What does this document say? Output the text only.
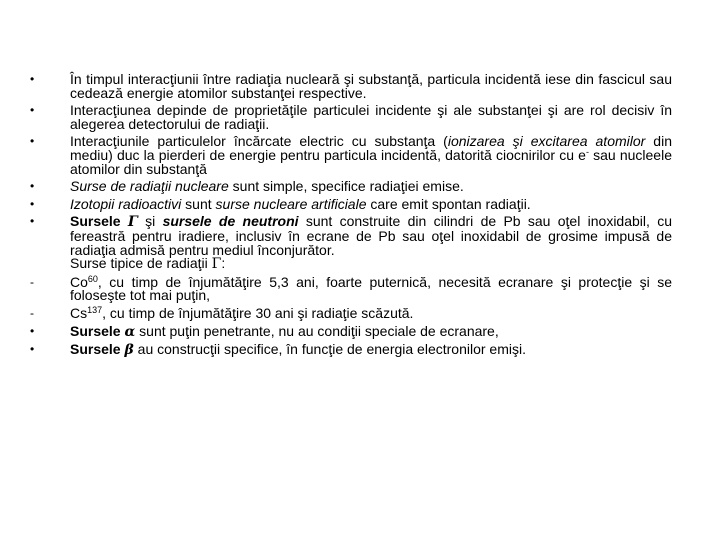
•	În timpul interacţiunii între radiaţia nucleară şi substanţă, particula incidentă iese din fascicul sau cedează energie atomilor substanţei respective.
•	Interacţiunea depinde de proprietăţile particulei incidente şi ale substanţei şi are rol decisiv în alegerea detectorului de radiaţii.
•	Interacţiunile particulelor încărcate electric cu substanţa (ionizarea şi excitarea atomilor din mediu) duc la pierderi de energie pentru particula incidentă, datorită ciocnirilor cu e- sau nucleele atomilor din substanţă
•	Surse de radiaţii nucleare sunt simple, specifice radiaţiei emise.
•	Izotopii radioactivi sunt surse nucleare artificiale care emit spontan radiaţii.
•	Sursele Γ şi sursele de neutroni sunt construite din cilindri de Pb sau oţel inoxidabil, cu fereastră pentru iradiere, inclusiv în ecrane de Pb sau oţel inoxidabil de grosime impusă de radiaţia admisă pentru mediul înconjurător.
Surse tipice de radiaţii Γ:
-	Co$^{60}$, cu timp de înjumătăţire 5,3 ani, foarte puternică, necesită ecranare şi protecţie şi se foloseşte tot mai puţin,
-	Cs$^{137}$, cu timp de înjumătăţire 30 ani şi radiaţie scăzută.
•	Sursele α sunt puţin penetrante, nu au condiţii speciale de ecranare,
•	Sursele β au construcţii specifice, în funcţie de energia electronilor emişi.
